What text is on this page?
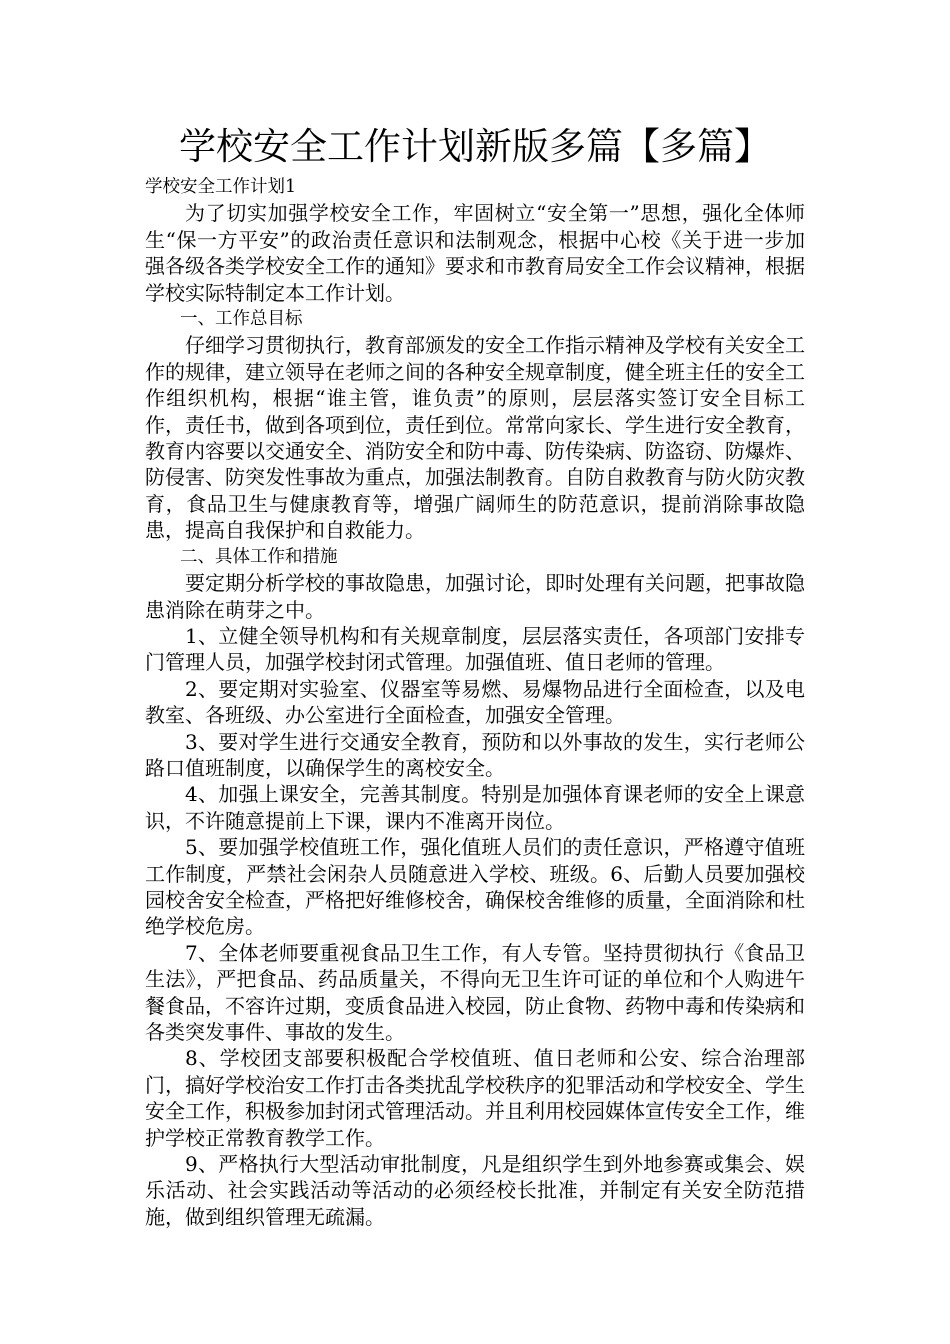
学校安全工作计划新版多篇【多篇】

学校安全工作计划1

为了切实加强学校安全工作，牢固树立“安全第一”思想，强化全体师生“保一方平安”的政治责任意识和法制观念，根据中心校《关于进一步加强各级各类学校安全工作的通知》要求和市教育局安全工作会议精神，根据学校实际特制定本工作计划。

一、工作总目标

仔细学习贯彻执行，教育部颁发的安全工作指示精神及学校有关安全工作的规律，建立领导在老师之间的各种安全规章制度，健全班主任的安全工作组织机构，根据“谁主管，谁负责”的原则，层层落实签订安全目标工作，责任书，做到各项到位，责任到位。常常向家长、学生进行安全教育，教育内容要以交通安全、消防安全和防中毒、防传染病、防盗窃、防爆炸、防侵害、防突发性事故为重点，加强法制教育。自防自救教育与防火防灾教育，食品卫生与健康教育等，增强广阔师生的防范意识，提前消除事故隐患，提高自我保护和自救能力。

二、具体工作和措施

要定期分析学校的事故隐患，加强讨论，即时处理有关问题，把事故隐患消除在萌芽之中。

1、立健全领导机构和有关规章制度，层层落实责任，各项部门安排专门管理人员，加强学校封闭式管理。加强值班、值日老师的管理。

2、要定期对实验室、仪器室等易燃、易爆物品进行全面检查，以及电教室、各班级、办公室进行全面检查，加强安全管理。

3、要对学生进行交通安全教育，预防和以外事故的发生，实行老师公路口值班制度，以确保学生的离校安全。

4、加强上课安全，完善其制度。特别是加强体育课老师的安全上课意识，不许随意提前上下课，课内不准离开岗位。

5、要加强学校值班工作，强化值班人员们的责任意识，严格遵守值班工作制度，严禁社会闲杂人员随意进入学校、班级。6、后勤人员要加强校园校舍安全检查，严格把好维修校舍，确保校舍维修的质量，全面消除和杜绝学校危房。

7、全体老师要重视食品卫生工作，有人专管。坚持贯彻执行《食品卫生法》，严把食品、药品质量关，不得向无卫生许可证的单位和个人购进午餐食品，不容许过期，变质食品进入校园，防止食物、药物中毒和传染病和各类突发事件、事故的发生。

8、学校团支部要积极配合学校值班、值日老师和公安、综合治理部门，搞好学校治安工作打击各类扰乱学校秩序的犯罪活动和学校安全、学生安全工作，积极参加封闭式管理活动。并且利用校园媒体宣传安全工作，维护学校正常教育教学工作。

9、严格执行大型活动审批制度，凡是组织学生到外地参赛或集会、娱乐活动、社会实践活动等活动的必须经校长批准，并制定有关安全防范措施，做到组织管理无疏漏。
